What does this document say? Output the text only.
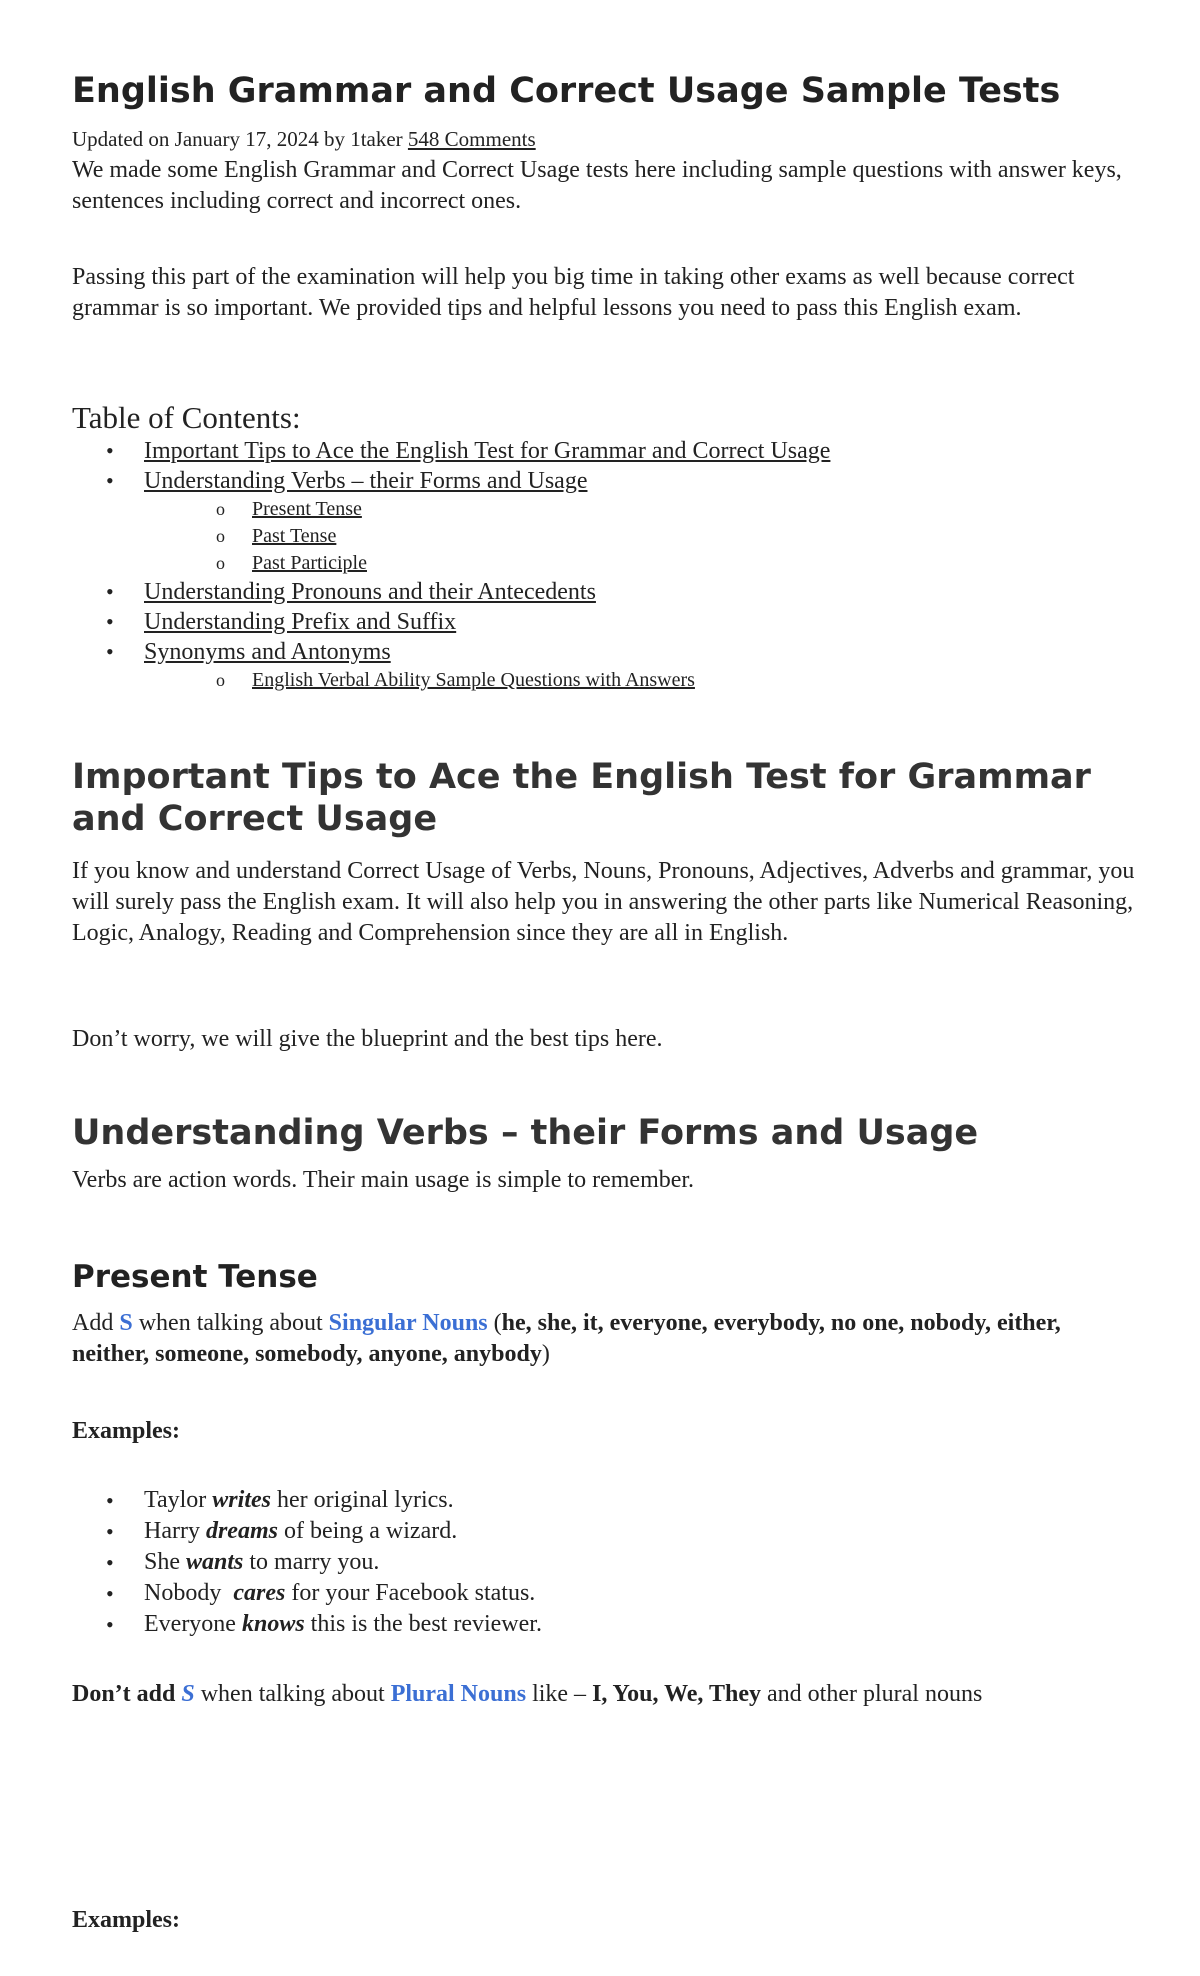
English Grammar and Correct Usage Sample Tests

Updated on January 17, 2024 by 1taker 548 Comments

We made some English Grammar and Correct Usage tests here including sample questions with answer keys, sentences including correct and incorrect ones.

Passing this part of the examination will help you big time in taking other exams as well because correct grammar is so important. We provided tips and helpful lessons you need to pass this English exam.

Table of Contents:
• Important Tips to Ace the English Test for Grammar and Correct Usage
• Understanding Verbs – their Forms and Usage
o Present Tense
o Past Tense
o Past Participle
• Understanding Pronouns and their Antecedents
• Understanding Prefix and Suffix
• Synonyms and Antonyms
o English Verbal Ability Sample Questions with Answers
Important Tips to Ace the English Test for Grammar and Correct Usage

If you know and understand Correct Usage of Verbs, Nouns, Pronouns, Adjectives, Adverbs and grammar, you will surely pass the English exam. It will also help you in answering the other parts like Numerical Reasoning, Logic, Analogy, Reading and Comprehension since they are all in English.

Don’t worry, we will give the blueprint and the best tips here.

Understanding Verbs – their Forms and Usage

Verbs are action words. Their main usage is simple to remember.

Present Tense

Add S when talking about Singular Nouns (he, she, it, everyone, everybody, no one, nobody, either, neither, someone, somebody, anyone, anybody)

Examples:

• Taylor writes her original lyrics.
• Harry dreams of being a wizard.
• She wants to marry you.
• Nobody  cares for your Facebook status.
• Everyone knows this is the best reviewer.

Don’t add S when talking about Plural Nouns like – I, You, We, They and other plural nouns

Examples:
